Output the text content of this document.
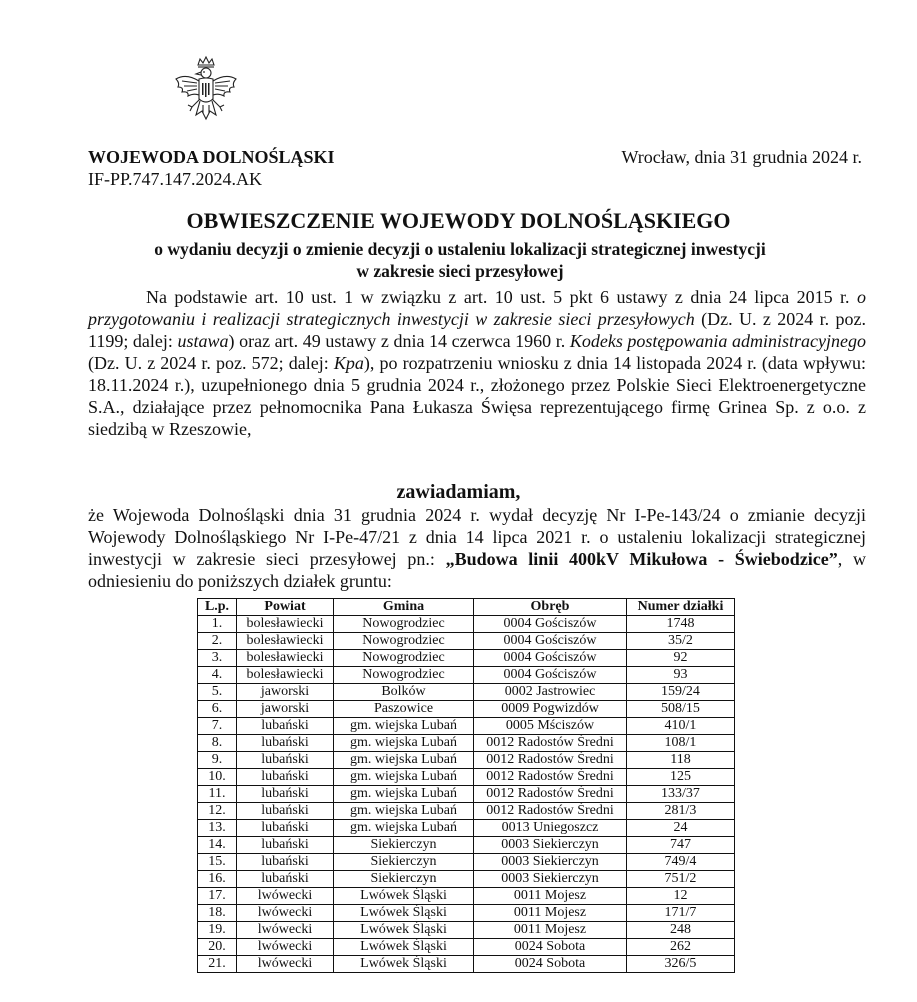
WOJEWODA DOLNOŚLĄSKI
IF-PP.747.147.2024.AK
Wrocław, dnia 31 grudnia 2024 r.
OBWIESZCZENIE WOJEWODY DOLNOŚLĄSKIEGO
o wydaniu decyzji o zmienie decyzji o ustaleniu lokalizacji strategicznej inwestycji
w zakresie sieci przesyłowej

Na podstawie art. 10 ust. 1 w związku z art. 10 ust. 5 pkt 6 ustawy z dnia 24 lipca 2015 r. o przygotowaniu i realizacji strategicznych inwestycji w zakresie sieci przesyłowych (Dz. U. z 2024 r. poz. 1199; dalej: ustawa) oraz art. 49 ustawy z dnia 14 czerwca 1960 r. Kodeks postępowania administracyjnego (Dz. U. z 2024 r. poz. 572; dalej: Kpa), po rozpatrzeniu wniosku z dnia 14 listopada 2024 r. (data wpływu: 18.11.2024 r.), uzupełnionego dnia 5 grudnia 2024 r., złożonego przez Polskie Sieci Elektroenergetyczne S.A., działające przez pełnomocnika Pana Łukasza Święsa reprezentującego firmę Grinea Sp. z o.o. z siedzibą w Rzeszowie,

zawiadamiam,

że Wojewoda Dolnośląski dnia 31 grudnia 2024 r. wydał decyzję Nr I-Pe-143/24 o zmianie decyzji Wojewody Dolnośląskiego Nr I-Pe-47/21 z dnia 14 lipca 2021 r. o ustaleniu lokalizacji strategicznej inwestycji w zakresie sieci przesyłowej pn.: „Budowa linii 400kV Mikułowa - Świebodzice”, w odniesieniu do poniższych działek gruntu:

L.p.	Powiat	Gmina	Obręb	Numer działki
1.	bolesławiecki	Nowogrodziec	0004 Gościszów	1748
2.	bolesławiecki	Nowogrodziec	0004 Gościszów	35/2
3.	bolesławiecki	Nowogrodziec	0004 Gościszów	92
4.	bolesławiecki	Nowogrodziec	0004 Gościszów	93
5.	jaworski	Bolków	0002 Jastrowiec	159/24
6.	jaworski	Paszowice	0009 Pogwizdów	508/15
7.	lubański	gm. wiejska Lubań	0005 Mściszów	410/1
8.	lubański	gm. wiejska Lubań	0012 Radostów Średni	108/1
9.	lubański	gm. wiejska Lubań	0012 Radostów Średni	118
10.	lubański	gm. wiejska Lubań	0012 Radostów Średni	125
11.	lubański	gm. wiejska Lubań	0012 Radostów Średni	133/37
12.	lubański	gm. wiejska Lubań	0012 Radostów Średni	281/3
13.	lubański	gm. wiejska Lubań	0013 Uniegoszcz	24
14.	lubański	Siekierczyn	0003 Siekierczyn	747
15.	lubański	Siekierczyn	0003 Siekierczyn	749/4
16.	lubański	Siekierczyn	0003 Siekierczyn	751/2
17.	lwówecki	Lwówek Śląski	0011 Mojesz	12
18.	lwówecki	Lwówek Śląski	0011 Mojesz	171/7
19.	lwówecki	Lwówek Śląski	0011 Mojesz	248
20.	lwówecki	Lwówek Śląski	0024 Sobota	262
21.	lwówecki	Lwówek Śląski	0024 Sobota	326/5
